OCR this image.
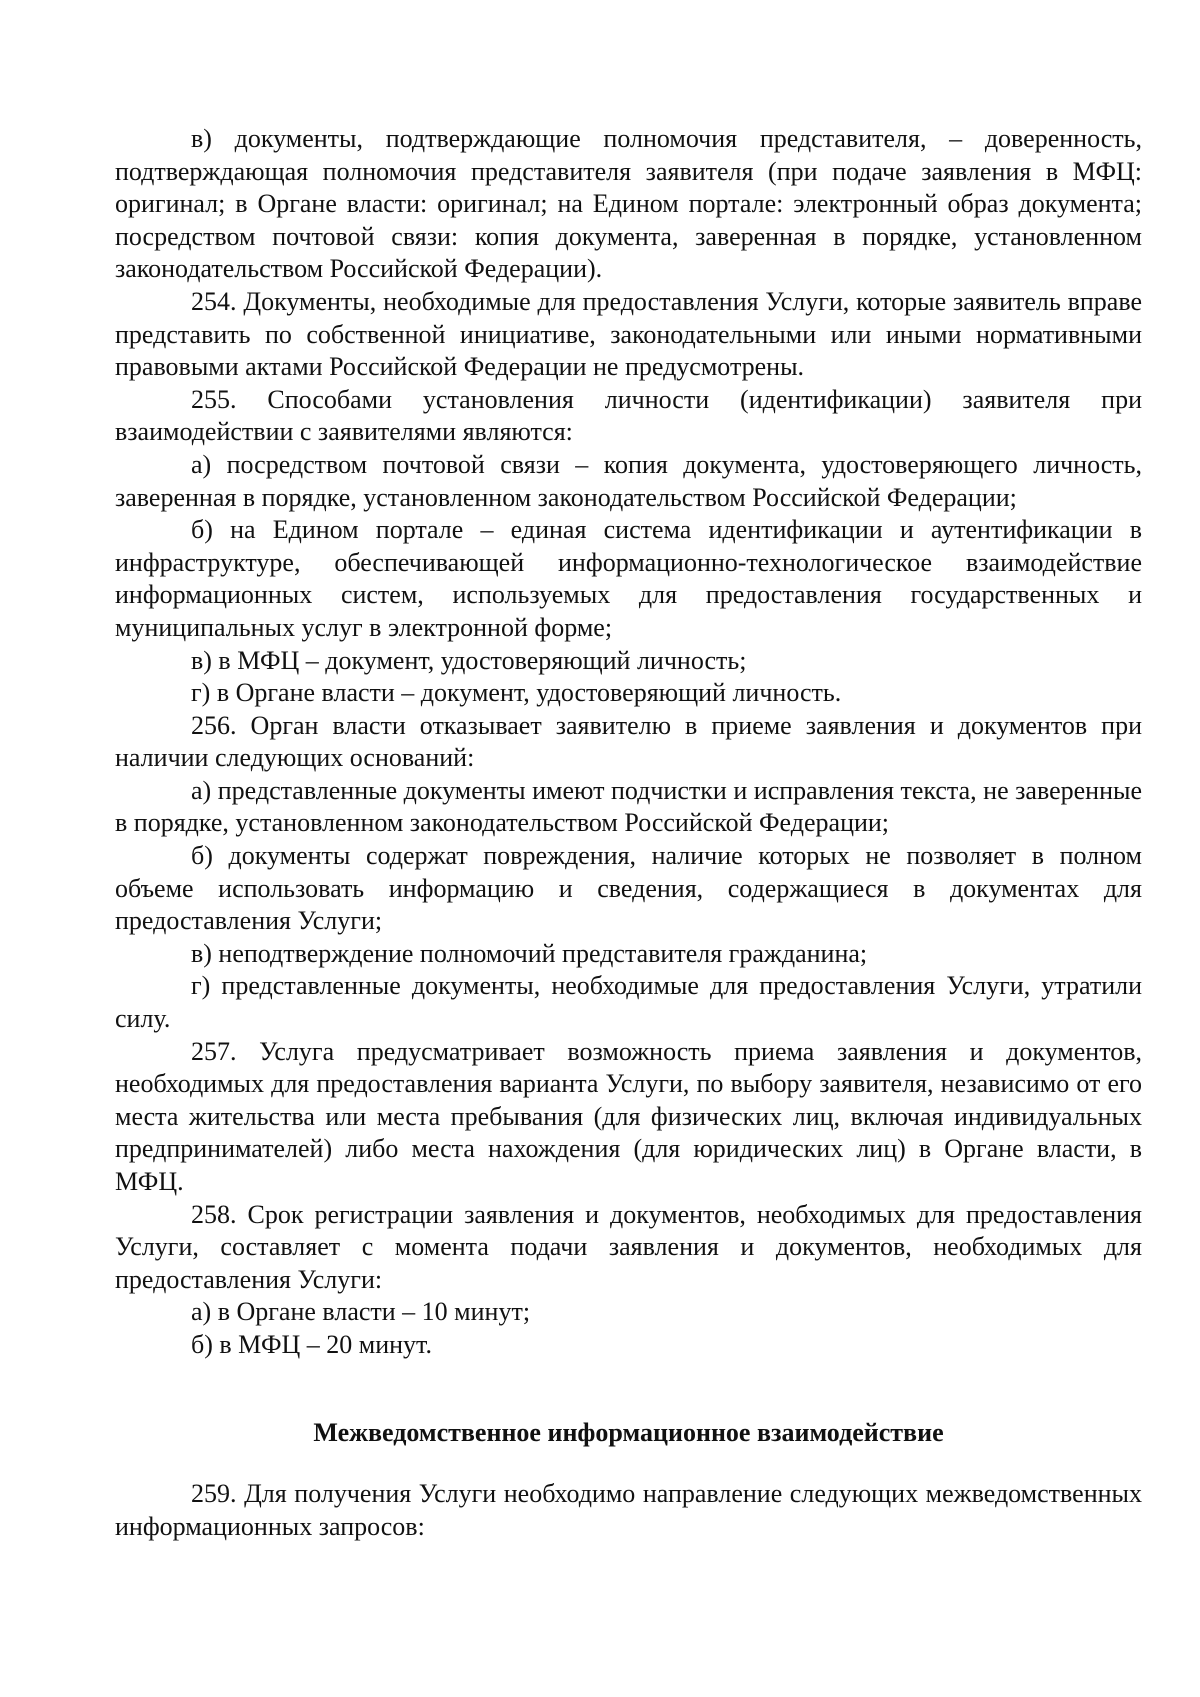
в) документы, подтверждающие полномочия представителя, – доверенность, подтверждающая полномочия представителя заявителя (при подаче заявления в МФЦ: оригинал; в Органе власти: оригинал; на Едином портале: электронный образ документа; посредством почтовой связи: копия документа, заверенная в порядке, установленном законодательством Российской Федерации).

254. Документы, необходимые для предоставления Услуги, которые заявитель вправе представить по собственной инициативе, законодательными или иными нормативными правовыми актами Российской Федерации не предусмотрены.

255. Способами установления личности (идентификации) заявителя при взаимодействии с заявителями являются:

а) посредством почтовой связи – копия документа, удостоверяющего личность, заверенная в порядке, установленном законодательством Российской Федерации;

б) на Едином портале – единая система идентификации и аутентификации в инфраструктуре, обеспечивающей информационно-технологическое взаимодействие информационных систем, используемых для предоставления государственных и муниципальных услуг в электронной форме;

в) в МФЦ – документ, удостоверяющий личность;

г) в Органе власти – документ, удостоверяющий личность.

256. Орган власти отказывает заявителю в приеме заявления и документов при наличии следующих оснований:

а) представленные документы имеют подчистки и исправления текста, не заверенные в порядке, установленном законодательством Российской Федерации;

б) документы содержат повреждения, наличие которых не позволяет в полном объеме использовать информацию и сведения, содержащиеся в документах для предоставления Услуги;

в) неподтверждение полномочий представителя гражданина;

г) представленные документы, необходимые для предоставления Услуги, утратили силу.

257. Услуга предусматривает возможность приема заявления и документов, необходимых для предоставления варианта Услуги, по выбору заявителя, независимо от его места жительства или места пребывания (для физических лиц, включая индивидуальных предпринимателей) либо места нахождения (для юридических лиц) в Органе власти, в МФЦ.

258. Срок регистрации заявления и документов, необходимых для предоставления Услуги, составляет с момента подачи заявления и документов, необходимых для предоставления Услуги:

а) в Органе власти – 10 минут;

б) в МФЦ – 20 минут.

Межведомственное информационное взаимодействие

259. Для получения Услуги необходимо направление следующих межведомственных информационных запросов:
